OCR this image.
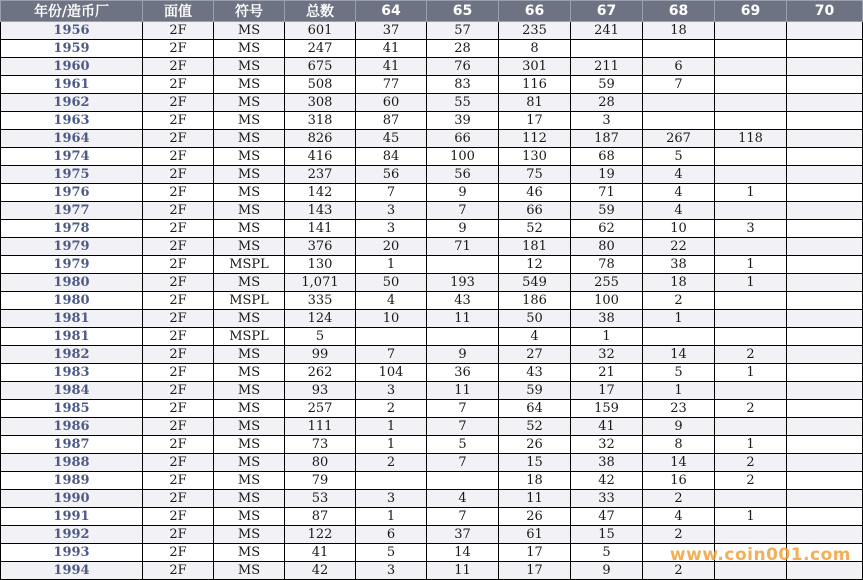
年份/造币厂	面值	符号	总数	64	65	66	67	68	69	70
1956	2F	MS	601	37	57	235	241	18		
1959	2F	MS	247	41	28	8				
1960	2F	MS	675	41	76	301	211	6		
1961	2F	MS	508	77	83	116	59	7		
1962	2F	MS	308	60	55	81	28			
1963	2F	MS	318	87	39	17	3			
1964	2F	MS	826	45	66	112	187	267	118	
1974	2F	MS	416	84	100	130	68	5		
1975	2F	MS	237	56	56	75	19	4		
1976	2F	MS	142	7	9	46	71	4	1	
1977	2F	MS	143	3	7	66	59	4		
1978	2F	MS	141	3	9	52	62	10	3	
1979	2F	MS	376	20	71	181	80	22		
1979	2F	MSPL	130	1		12	78	38	1	
1980	2F	MS	1,071	50	193	549	255	18	1	
1980	2F	MSPL	335	4	43	186	100	2		
1981	2F	MS	124	10	11	50	38	1		
1981	2F	MSPL	5			4	1			
1982	2F	MS	99	7	9	27	32	14	2	
1983	2F	MS	262	104	36	43	21	5	1	
1984	2F	MS	93	3	11	59	17	1		
1985	2F	MS	257	2	7	64	159	23	2	
1986	2F	MS	111	1	7	52	41	9		
1987	2F	MS	73	1	5	26	32	8	1	
1988	2F	MS	80	2	7	15	38	14	2	
1989	2F	MS	79			18	42	16	2	
1990	2F	MS	53	3	4	11	33	2		
1991	2F	MS	87	1	7	26	47	4	1	
1992	2F	MS	122	6	37	61	15	2		
1993	2F	MS	41	5	14	17	5			
1994	2F	MS	42	3	11	17	9	2		
www.coin001.com
